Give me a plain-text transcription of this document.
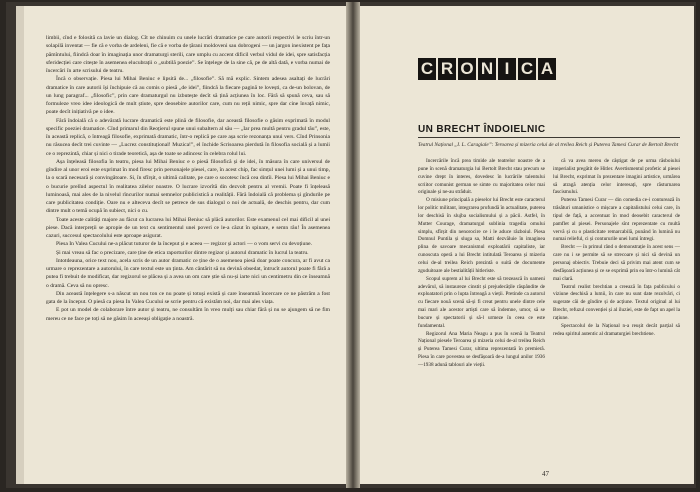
limbii, cînd e folosită ca lavie un dialog. Cît ne chinuim cu unele lucrări dramatice pe care autorii respectivi le scriu într-un solapilă inventat — fie că e vorba de ardeleni, fie că e vorba de țărani moldoveni sau dobrogeni — un jargon inexistent pe fața pămîntului, fiindcă doar în imaginația unor dramaturgi sterili, care umplu cu accent dificil verbul vidul de idei, spre satisfacția sferidecției care citește în asemenea elucubrații o „subtilă poezie”. Se înțelege de la sine că, pe de altă dată, e vorba numai de încercări în arte scrisului de teatru.

Încă o observație. Piesa lui Mihai Beniuc e lipsită de... „filosofie”. Să mă explic. Sintem adesea asaltați de lucrări dramatice în care autorii își închipuie că au comis o piesă „de idei”, fiindcă la fiecare pagină te lovești, ca de-un bolovan, de un lung paragraf... „filosofic”, prin care dramaturgul nu izbutește decît să țină acțiunea în loc. Fără să spună ceva, sau să formuleze vreo idee ideologică de mult știute, spre deosebire autorilor care, cum nu reții nimic, spre dar cine învață nimic, poate decît inițiativă pe o idee.

Fără îndoială că o adevărată lucrare dramatică este plină de filosofie, dar această filosofie o găsim exprimată în modul specific poeziei dramatice. Cînd primarul din Reoțierul spune unui subaltern al său — „Iar prea multă pentru gradul tău”, este, în această replică, o întreagă filosofie, exprimată dramatic, într-o replică pe care așa scrie rezonanța unui vers. Cînd Prinsonia nu răsucea decît trei cuvinte — „Lucrez constituțional! Muzica!”, el închide Scrisoarea pierdută în filosofia socială și a lumii ce o reprezintă, chiar și nici o tirade teoretică, așa de toate se adincesc în celebra rolul lui.

Așa înțeleasă filosofia în teatru, piesa lui Mihai Beniuc e o piesă filosofică și de idei, în măsura în care universul de gîndire al unor eroi este exprimat în mod firesc prin personajele piesei, care, în acest chip, fac simțul unei lumi și a unui timp, la o scară necesară și convingătoare. Si, în sfîrșit, o ultimă calitate, pe care o socotesc încă cea dintîi. Piesa lui Mihai Beniuc e o bucurie prelînd aspectul în realitatea zilelor noastre. O lucrare izvorîtă din dezvolt pentru al vremii. Poate fi înțeleasă luminoasă, mai ales de la nivelul rîncurilor numai semnelor publicistică a realității. Fără îndoială că problema și gîndurile pe care publicitatea condiție. Oare nu e alteceva decît se petrece de sus dialogul o noi de actuală, de deschis pentru, dar cum dintre mult o temă ocupă în subiect, nici o cu.

Toate aceste calități majore au făcut ca lucrarea lui Mihai Beniuc să plăcă autorilor. Este examenul cel mai dificil al unei piese. Dacă interpreții se apropie de un text cu sentimentul unei poveri ce le-a căzut în spinare, e semn rău! În asemenea cazuri, succesul spectacolului este aproape asigurat.

Piesa In Valea Cucului ne-a plăcut tuturor de la început și e aceea — regizor și actori — o vom servi cu devoțiune.

Și mai vreau să fac o precizare, care ține de etica raporturilor dintre regizor și autorul dramatic în lucrul la teatru.

Intotdeauna, orice text nou, acela scris de un autor dramatic ce ține de o asemenea piesă doar poate concura, ar fi avut ca urmare o reprezentare a autorului, în care textul este un ținta. Am cântărit să nu devină obsedat, întrucît autorul poate fi fără a putea fi trebuit de modificat, dar regizorul se plăcea și a avea un om care știe să nu-și iarte nici un centimetru din ce înseamnă o dramă. Ceva să nu opresc.

Din această înțelegere s-a născut un nou ton ce nu poate și totuși există și care înseamnă încercare ce ne păstrăm a fost gata de la început. O piesă ca piesa In Valea Cucului se scrie pentru că existăm noi, dar mai ales viața.

E pot un model de colaborare între autor și teatru, ne consultăm în vreo mulți sau chiar fără și nu se ajungem să ne fim mereu ce ne face pe toți să ne găsim în aceeași obligație a noastră.

C R O N I C A
UN BRECHT ÎNDOIELNIC
Teatrul Național „I. L. Caragiale”: Teroarea și mizeria celui de al treilea Reich și Puterea Tamesi Curar de Bertolt Brecht

Incercările încă prea timide ale teatrelor noastre de a pune în scenă dramaturgia lui Bertolt Brecht stau precum se cuvine drept în interes, dovedesc în lucrările talentului scriitor comunist german se simte cu majoritatea celor mai originale și ne-au străduit.

O misiune principală a pieselor lui Brecht este caracterul lor politic militant, integrarea profundă în actualitate, puterea lor deschisă în slujba socialismului și a păcii. Astfel, în Mutter Courage, dramaturgul sublinia tragedia omului simplu, sfîrșit din nenorocire ce i le aduce războiul. Piesa Domnul Puntila și sluga sa, Matti dezvăluie în imaginea plina de savoare mecanismul exploatării capitaliste, iar cunoscuta operă a lui Brecht intitulată Teroarea și mizeria celui de-al treilea Reich prezintă o suită de documente zguduitoare ale bestialității hitleriste.

Scopul suprem al lui Brecht este să trezească în oameni adevărul, să instaureze cinstit și prejudecățile răspândite de exploatatori prin o lupta întreagă a vieții. Pretinde ca autorul cu fiecare nouă scenă să-și fi creat pentru unele dintre cele mai mari ale acestor artiști care să îndemne, umor, să se bucure și spectatorii și să-l urmeze în ceea ce este fundamental.

Regizorul Ana Maria Neagu a pus în scenă la Teatrul Național piesele Teroarea și mizeria celui de-al treilea Reich și Puterea Tamesi Curar, ultima reprezentată în premieră. Piesa în care povestea se desfășoară de-a lungul anilor 1936—1938 adună tablouri ale vieții.

că va avea mereu de câștigat de pe urma răsboiului imperialist pregătit de Hitler. Avertismentul profetic al piesei lui Brecht, exprimat în prezentare imagini artistice, urmărea să atragă atenția celor interesați, spre răsturnarea fascismului.

Puterea Tamesi Curar — din comedia ce-i conturează în trăsături umanistice o mișcare a capitalistului celui care, în tipul de față, a accentuat în mod deosebit caracterul de pamflet al piesei. Personajele sînt reprezentate cu multă vervă și cu o plasticitate remarcabilă, punând în lumină nu numai relieful, ci și contururile unei lumi întregi.

Brecht — în primul rând o demonstrație în acest sens — care nu i se permite să se strecoare și nici să devină un personaj obiectiv. Trebuie deci să privim mai atent cum se desfășoară acțiunea și ce se exprimă prin ea într-o lumină cât mai clară.

Teatrul realist brechtian a creează în fața publicului o viziune deschisă a lumii, în care nu sunt date rezolvări, ci sugerate căi de gîndire și de acțiune. Textul original al lui Brecht, refuzul convenției și al iluziei, este de fapt un apel la rațiune.

Spectacolul de la Național n-a reușit decât parțial să redea spiritul autentic al dramaturgiei brechtiene.

47
